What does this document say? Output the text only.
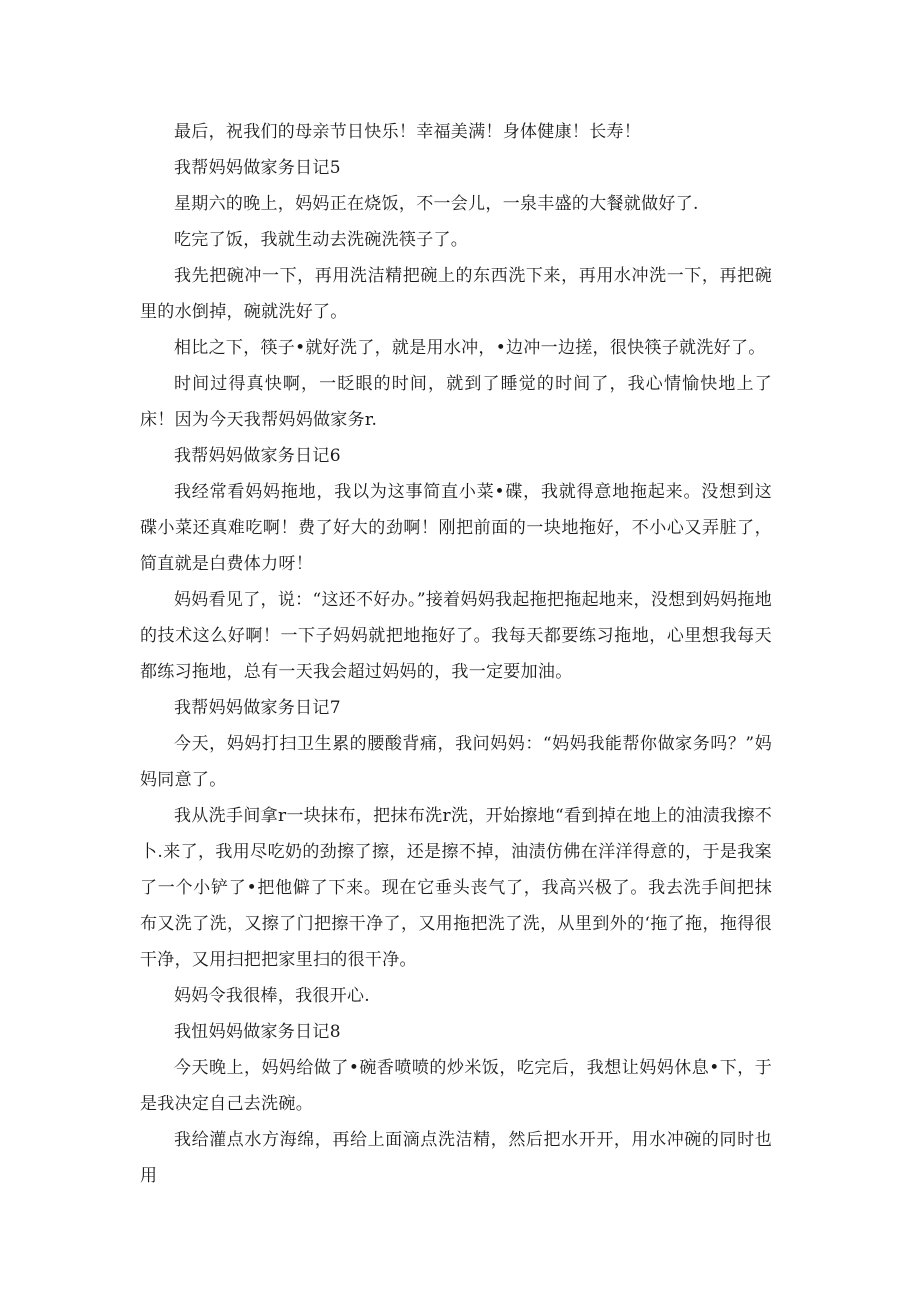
最后，祝我们的母亲节日快乐！幸福美满！身体健康！长寿！

我帮妈妈做家务日记5

星期六的晚上，妈妈正在烧饭，不一会儿，一泉丰盛的大餐就做好了.

吃完了饭，我就生动去洗碗洗筷子了。

我先把碗冲一下，再用洗洁精把碗上的东西洗下来，再用水冲洗一下，再把碗里的水倒掉，碗就洗好了。

相比之下，筷子•就好洗了，就是用水冲，•边冲一边搓，很快筷子就洗好了。

时间过得真快啊，一眨眼的时间，就到了睡觉的时间了，我心情愉快地上了床！因为今天我帮妈妈做家务r.

我帮妈妈做家务日记6

我经常看妈妈拖地，我以为这事简直小菜•碟，我就得意地拖起来。没想到这碟小菜还真难吃啊！费了好大的劲啊！刚把前面的一块地拖好，不小心又弄脏了，简直就是白费体力呀！

妈妈看见了，说：“这还不好办。”接着妈妈我起拖把拖起地来，没想到妈妈拖地的技术这么好啊！一下子妈妈就把地拖好了。我每天都要练习拖地，心里想我每天都练习拖地，总有一天我会超过妈妈的，我一定要加油。

我帮妈妈做家务日记7

今天，妈妈打扫卫生累的腰酸背痛，我问妈妈：“妈妈我能帮你做家务吗？”妈妈同意了。

我从洗手间拿r一块抹布，把抹布洗r洗，开始擦地“看到掉在地上的油渍我擦不卜.来了，我用尽吃奶的劲擦了擦，还是擦不掉，油渍仿佛在洋洋得意的，于是我案了一个小铲了•把他僻了下来。现在它垂头丧气了，我高兴极了。我去洗手间把抹布又洗了洗，又擦了门把擦干净了，又用拖把洗了洗，从里到外的‘拖了拖，拖得很干净，又用扫把把家里扫的很干净。

妈妈令我很棒，我很开心.

我忸妈妈做家务日记8

今天晚上，妈妈给做了•碗香喷喷的炒米饭，吃完后，我想让妈妈休息•下，于是我决定自己去洗碗。

我给灌点水方海绵，再给上面滴点洗洁精，然后把水开开，用水冲碗的同时也用
